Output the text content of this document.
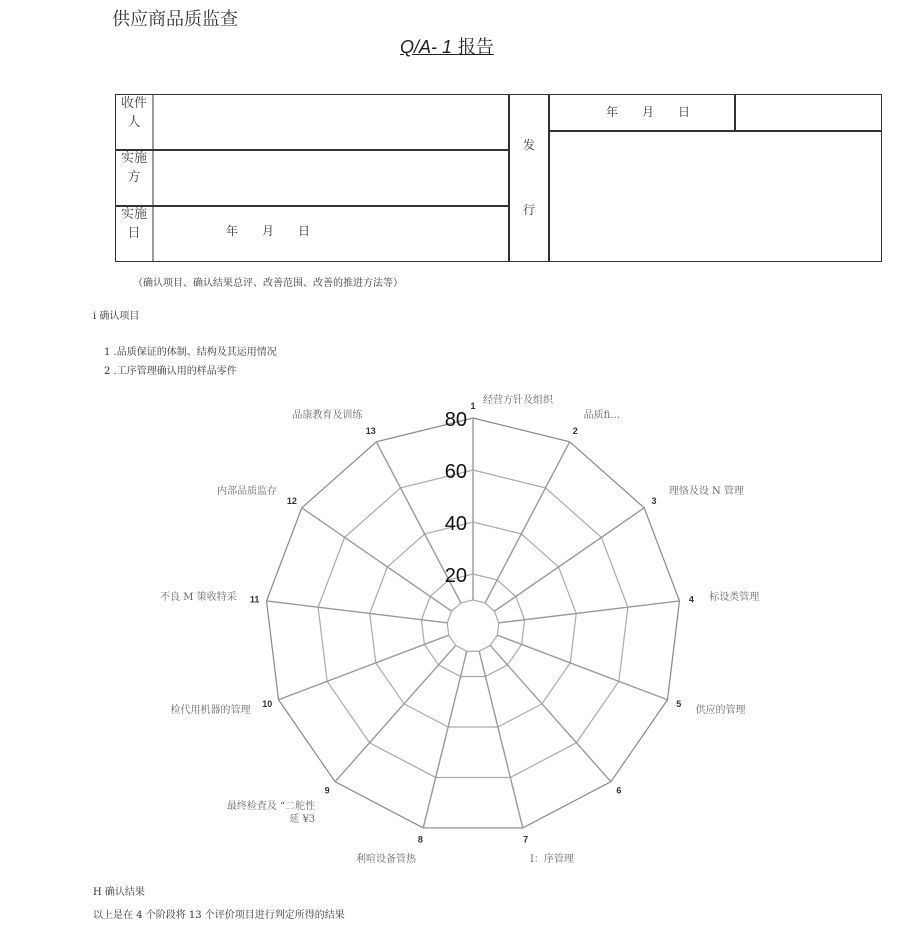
供应商品质监查
Q/A- 1 报告
收件人
实施方
实施日	年　　月　　日
发
行
年　　月　　日
（确认项目、确认结果总评、改善范围、改善的推进方法等）
i 确认项目
1 .品质保证的体制、结构及其运用情况
2 .工序管理确认用的样品零件
20
40
60
80
1
2
3
4
5
6
7
8
9
10
11
12
13
经营方针及组织
品质fi…
理恪及设 N 管理
标设类管理
供应的管理
I：序管理
利喧设备管热
最终检査及 “二舵性延 ¥3
检代用机器的管理
不良 M 策收特采
内部品质监存
品康教育及训练
H 确认结果
以上是在 4 个阶段将 13 个评价项目进行判定所得的结果
